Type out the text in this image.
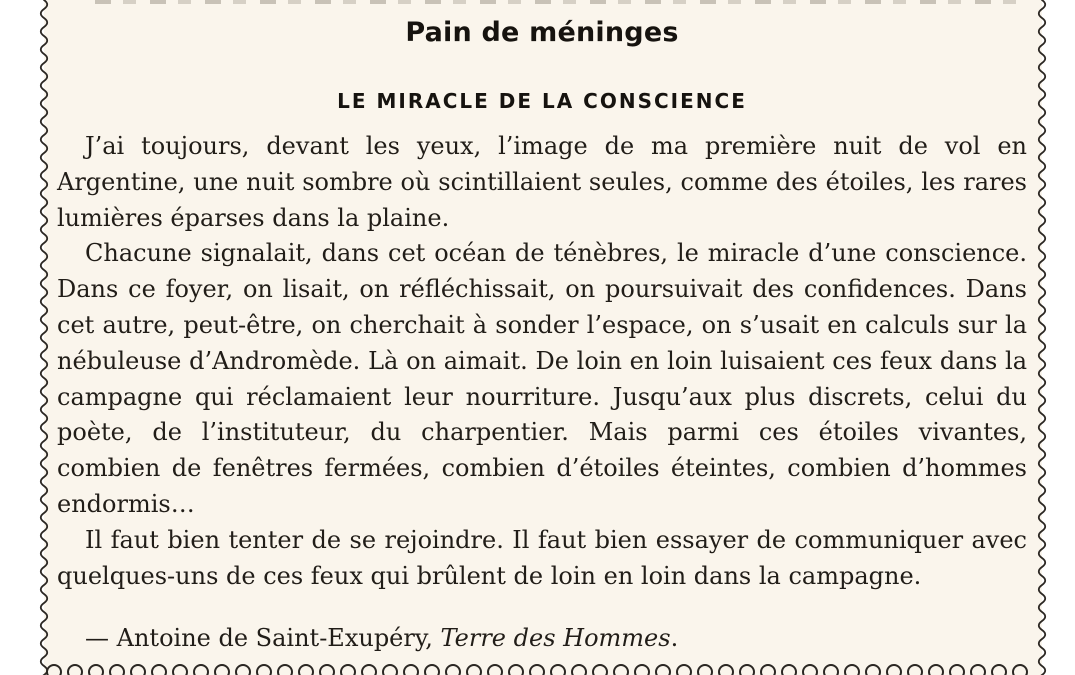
Pain de méninges
LE MIRACLE DE LA CONSCIENCE

J’ai toujours, devant les yeux, l’image de ma première nuit de vol en Argentine, une nuit sombre où scintillaient seules, comme des étoiles, les rares lumières éparses dans la plaine.

Chacune signalait, dans cet océan de ténèbres, le miracle d’une conscience. Dans ce foyer, on lisait, on réfléchissait, on poursuivait des confidences. Dans cet autre, peut-être, on cherchait à sonder l’espace, on s’usait en calculs sur la nébuleuse d’Andromède. Là on aimait. De loin en loin luisaient ces feux dans la campagne qui réclamaient leur nourriture. Jusqu’aux plus discrets, celui du poète, de l’instituteur, du charpentier. Mais parmi ces étoiles vivantes, combien de fenêtres fermées, combien d’étoiles éteintes, combien d’hommes endormis…

Il faut bien tenter de se rejoindre. Il faut bien essayer de communiquer avec quelques-uns de ces feux qui brûlent de loin en loin dans la campagne.

— Antoine de Saint-Exupéry, Terre des Hommes.
